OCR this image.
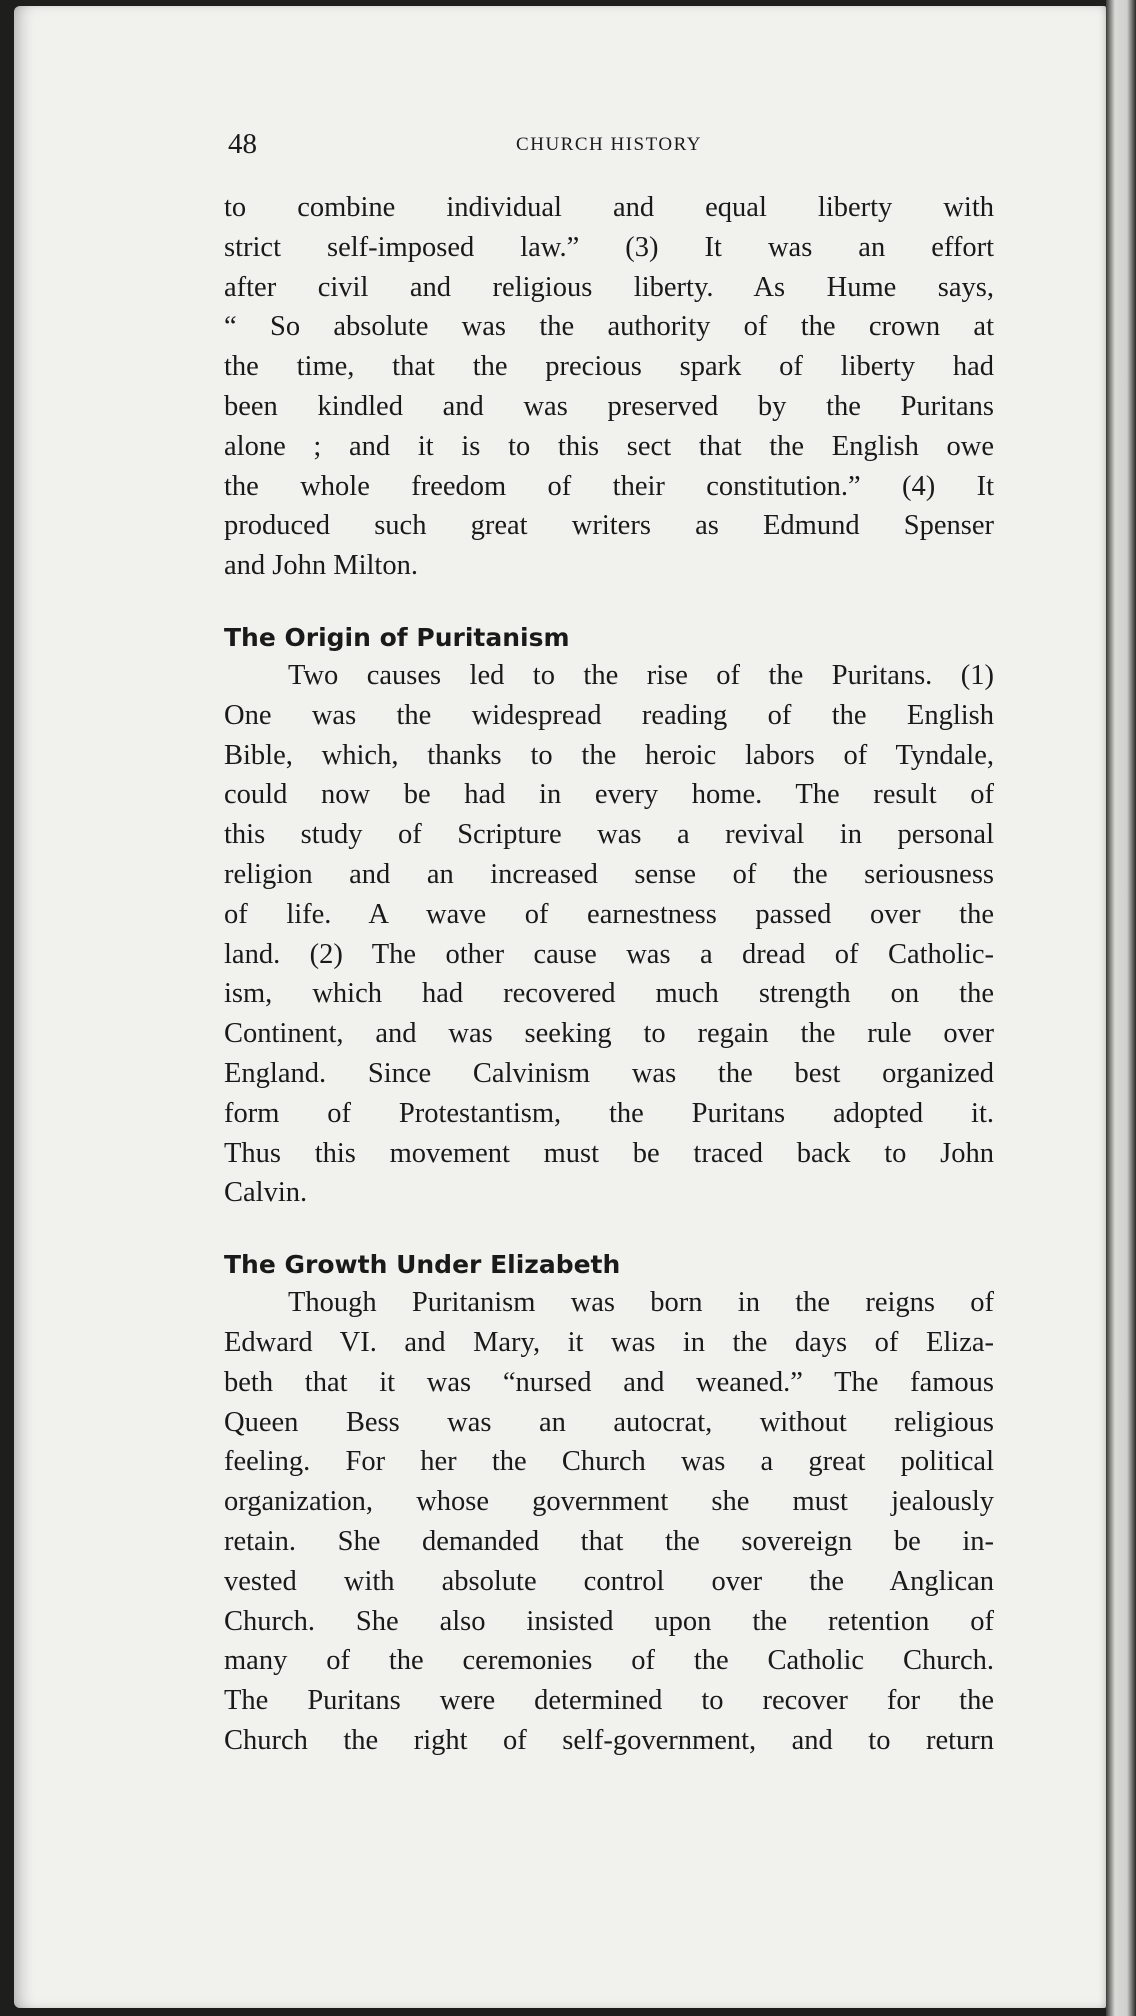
48	CHURCH HISTORY

to combine individual and equal liberty with
strict self-imposed law.” (3) It was an effort
after civil and religious liberty. As Hume says,
“ So absolute was the authority of the crown at
the time, that the precious spark of liberty had
been kindled and was preserved by the Puritans
alone ; and it is to this sect that the English owe
the whole freedom of their constitution.” (4) It
produced such great writers as Edmund Spenser
and John Milton.

The Origin of Puritanism

Two causes led to the rise of the Puritans. (1)
One was the widespread reading of the English
Bible, which, thanks to the heroic labors of Tyndale,
could now be had in every home. The result of
this study of Scripture was a revival in personal
religion and an increased sense of the seriousness
of life. A wave of earnestness passed over the
land. (2) The other cause was a dread of Catholic-
ism, which had recovered much strength on the
Continent, and was seeking to regain the rule over
England. Since Calvinism was the best organized
form of Protestantism, the Puritans adopted it.
Thus this movement must be traced back to John
Calvin.

The Growth Under Elizabeth

Though Puritanism was born in the reigns of
Edward VI. and Mary, it was in the days of Eliza-
beth that it was “nursed and weaned.” The famous
Queen Bess was an autocrat, without religious
feeling. For her the Church was a great political
organization, whose government she must jealously
retain. She demanded that the sovereign be in-
vested with absolute control over the Anglican
Church. She also insisted upon the retention of
many of the ceremonies of the Catholic Church.
The Puritans were determined to recover for the
Church the right of self-government, and to return
